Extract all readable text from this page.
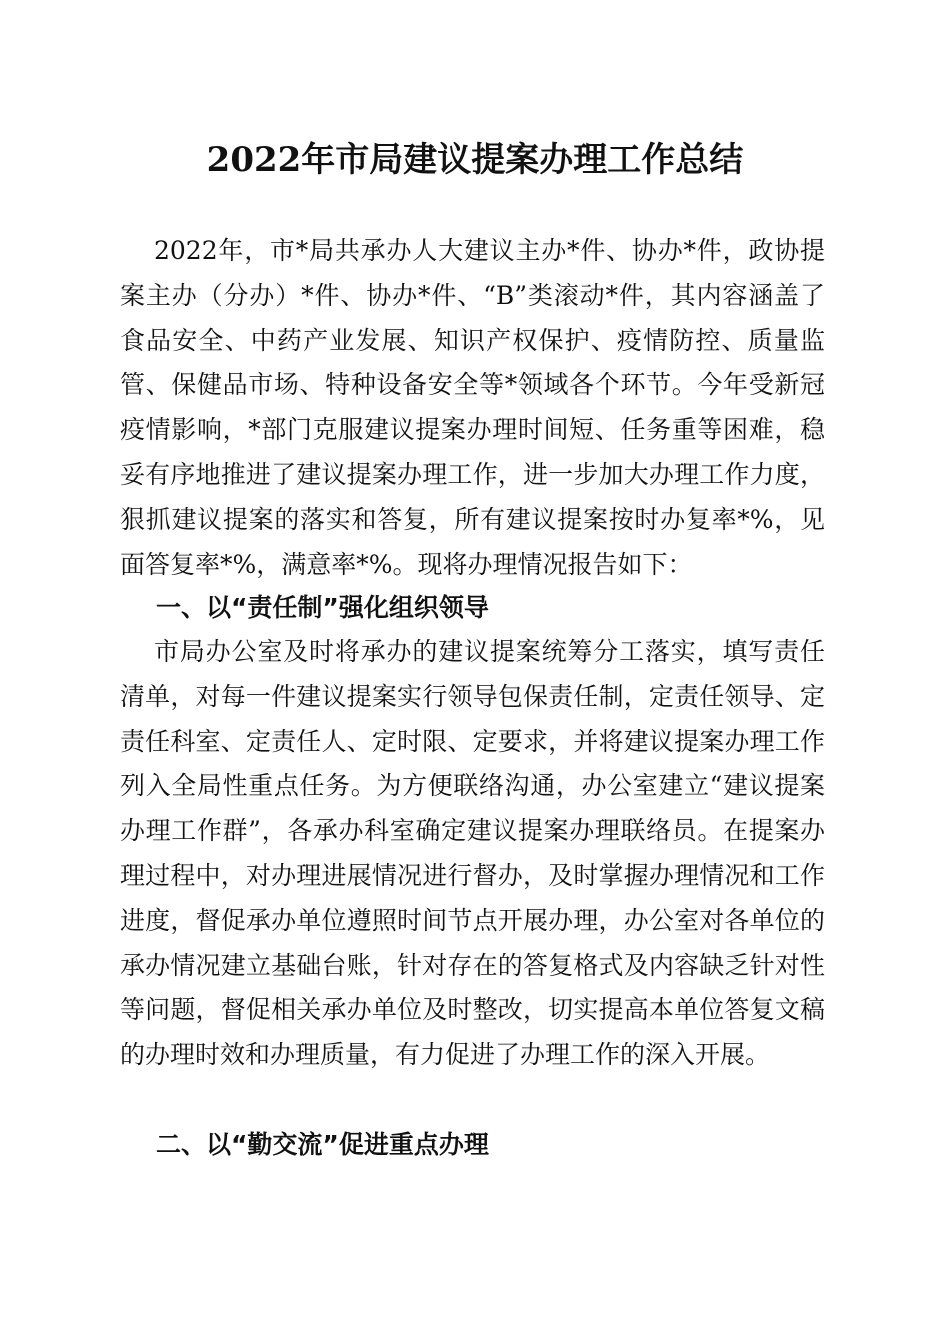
2022年市局建议提案办理工作总结

2022年，市*局共承办人大建议主办*件、协办*件，政协提案主办（分办）*件、协办*件、“B”类滚动*件，其内容涵盖了食品安全、中药产业发展、知识产权保护、疫情防控、质量监管、保健品市场、特种设备安全等*领域各个环节。今年受新冠疫情影响，*部门克服建议提案办理时间短、任务重等困难，稳妥有序地推进了建议提案办理工作，进一步加大办理工作力度，狠抓建议提案的落实和答复，所有建议提案按时办复率*%，见面答复率*%，满意率*%。现将办理情况报告如下：

一、以“责任制”强化组织领导

市局办公室及时将承办的建议提案统筹分工落实，填写责任清单，对每一件建议提案实行领导包保责任制，定责任领导、定责任科室、定责任人、定时限、定要求，并将建议提案办理工作列入全局性重点任务。为方便联络沟通，办公室建立“建议提案办理工作群”，各承办科室确定建议提案办理联络员。在提案办理过程中，对办理进展情况进行督办，及时掌握办理情况和工作进度，督促承办单位遵照时间节点开展办理，办公室对各单位的承办情况建立基础台账，针对存在的答复格式及内容缺乏针对性等问题，督促相关承办单位及时整改，切实提高本单位答复文稿的办理时效和办理质量，有力促进了办理工作的深入开展。

二、以“勤交流”促进重点办理
